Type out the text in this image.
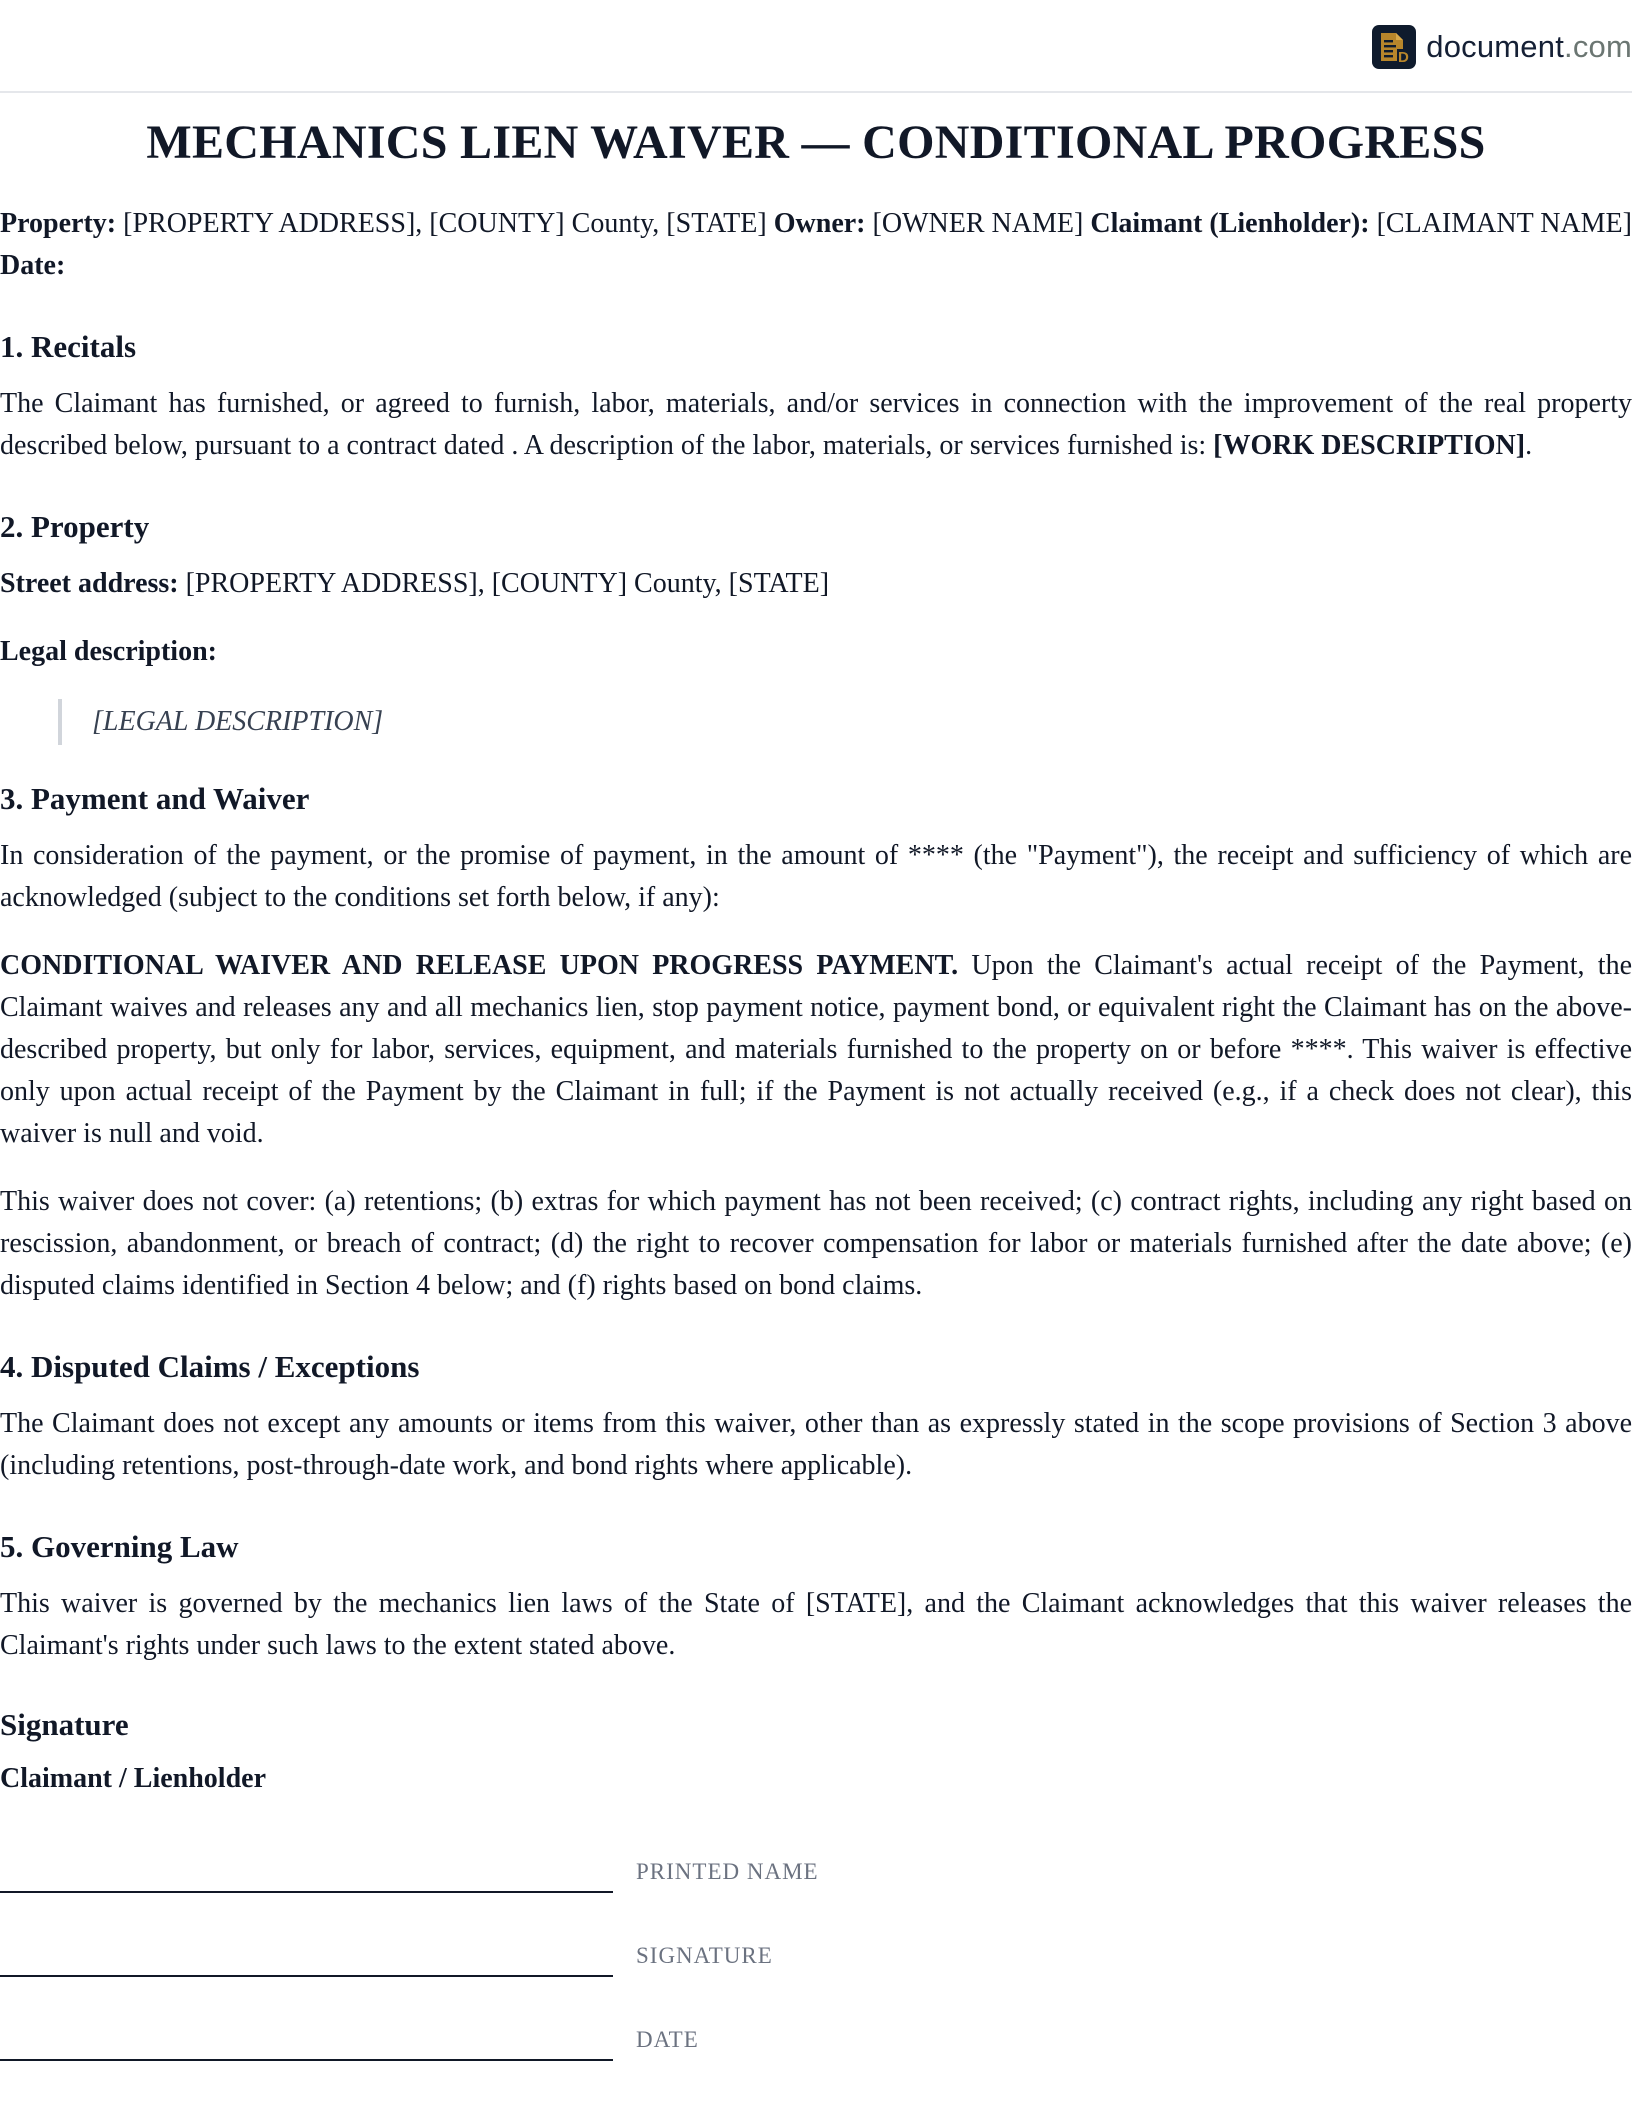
D document.com
MECHANICS LIEN WAIVER — CONDITIONAL PROGRESS

Property: [PROPERTY ADDRESS], [COUNTY] County, [STATE] Owner: [OWNER NAME] Claimant (Lienholder): [CLAIMANT NAME] Date:

1. Recitals

The Claimant has furnished, or agreed to furnish, labor, materials, and/or services in connection with the improvement of the real property described below, pursuant to a contract dated . A description of the labor, materials, or services furnished is: [WORK DESCRIPTION].

2. Property

Street address: [PROPERTY ADDRESS], [COUNTY] County, [STATE]

Legal description:

[LEGAL DESCRIPTION]
3. Payment and Waiver

In consideration of the payment, or the promise of payment, in the amount of **** (the "Payment"), the receipt and sufficiency of which are acknowledged (subject to the conditions set forth below, if any):

CONDITIONAL WAIVER AND RELEASE UPON PROGRESS PAYMENT. Upon the Claimant's actual receipt of the Payment, the Claimant waives and releases any and all mechanics lien, stop payment notice, payment bond, or equivalent right the Claimant has on the above-described property, but only for labor, services, equipment, and materials furnished to the property on or before ****. This waiver is effective only upon actual receipt of the Payment by the Claimant in full; if the Payment is not actually received (e.g., if a check does not clear), this waiver is null and void.

This waiver does not cover: (a) retentions; (b) extras for which payment has not been received; (c) contract rights, including any right based on rescission, abandonment, or breach of contract; (d) the right to recover compensation for labor or materials furnished after the date above; (e) disputed claims identified in Section 4 below; and (f) rights based on bond claims.

4. Disputed Claims / Exceptions

The Claimant does not except any amounts or items from this waiver, other than as expressly stated in the scope provisions of Section 3 above (including retentions, post-through-date work, and bond rights where applicable).

5. Governing Law

This waiver is governed by the mechanics lien laws of the State of [STATE], and the Claimant acknowledges that this waiver releases the Claimant's rights under such laws to the extent stated above.

Signature
Claimant / Lienholder
PRINTED NAME
SIGNATURE
DATE
